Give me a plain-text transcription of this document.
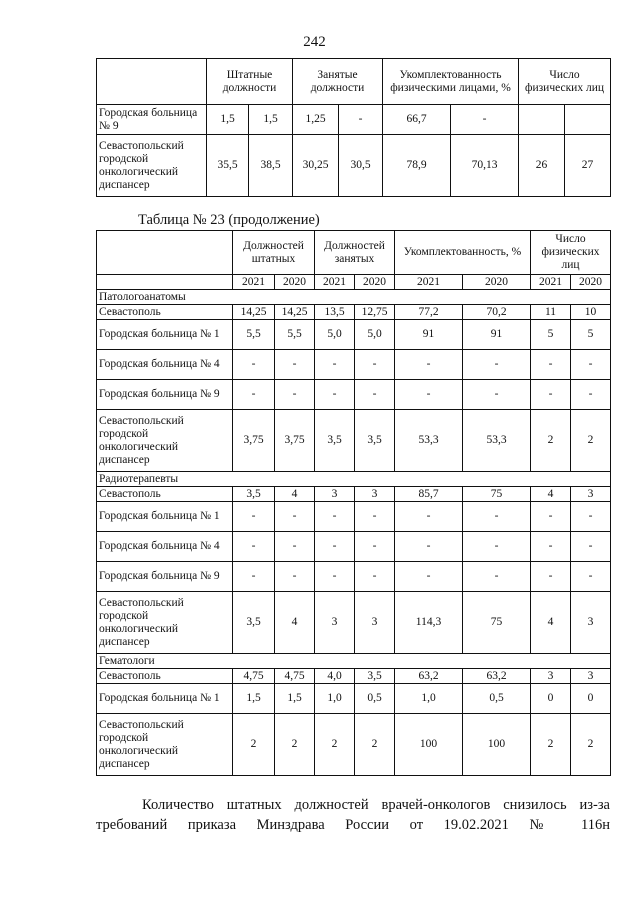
242
	Штатные должности		Занятые должности		Укомплектованность физическими лицами, %		Число физических лиц	
Городская больница № 9	1,5	1,5	1,25	-	66,7	-		
Севастопольский городской онкологический диспансер	35,5	38,5	30,25	30,5	78,9	70,13	26	27
Таблица № 23 (продолжение)
	Должностей штатных		Должностей занятых		Укомплектованность, %		Число физических лиц	
	2021	2020	2021	2020	2021	2020	2021	2020
Патологоанатомы								
Севастополь	14,25	14,25	13,5	12,75	77,2	70,2	11	10
Городская больница № 1	5,5	5,5	5,0	5,0	91	91	5	5
Городская больница № 4	-	-	-	-	-	-	-	-
Городская больница № 9	-	-	-	-	-	-	-	-
Севастопольский городской онкологический диспансер	3,75	3,75	3,5	3,5	53,3	53,3	2	2
Радиотерапевты								
Севастополь	3,5	4	3	3	85,7	75	4	3
Городская больница № 1	-	-	-	-	-	-	-	-
Городская больница № 4	-	-	-	-	-	-	-	-
Городская больница № 9	-	-	-	-	-	-	-	-
Севастопольский городской онкологический диспансер	3,5	4	3	3	114,3	75	4	3
Гематологи								
Севастополь	4,75	4,75	4,0	3,5	63,2	63,2	3	3
Городская больница № 1	1,5	1,5	1,0	0,5	1,0	0,5	0	0
Севастопольский городской онкологический диспансер	2	2	2	2	100	100	2	2

Количество штатных должностей врачей-онкологов снизилось из-за

требований приказа Минздрава России от 19.02.2021 № 116н
